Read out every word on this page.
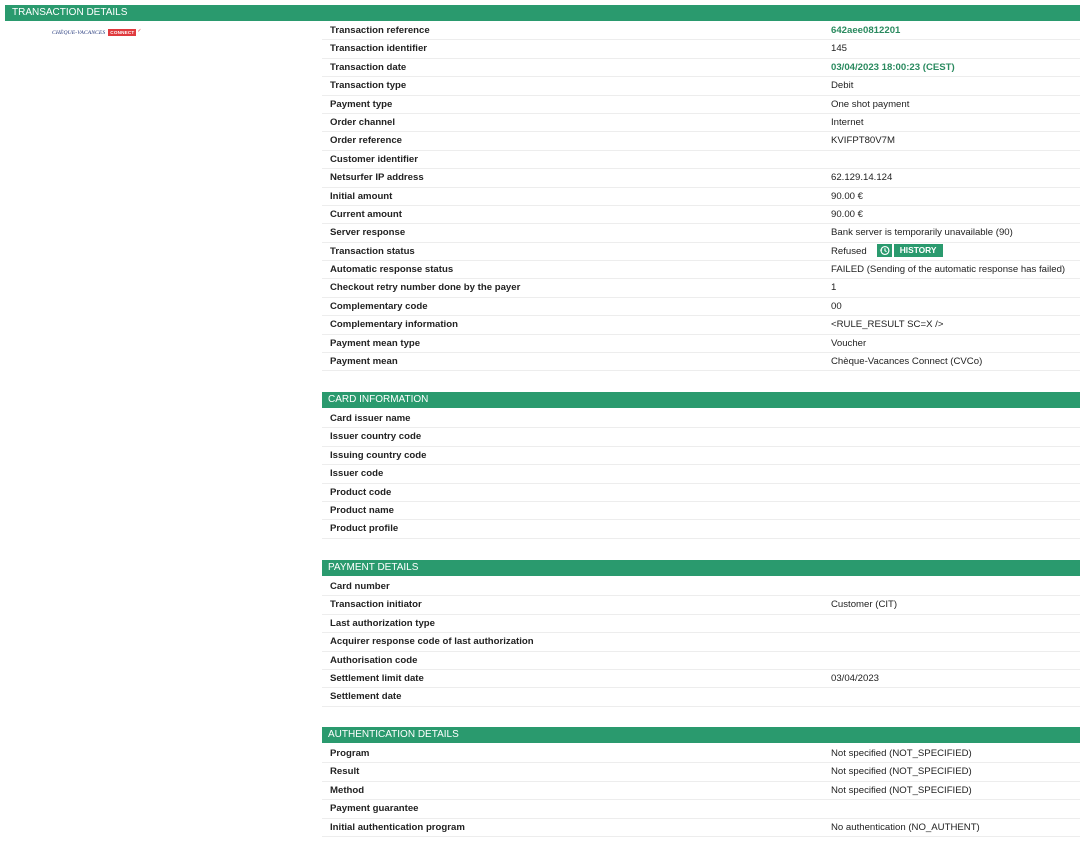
TRANSACTION DETAILS
CHÈQUE-VACANCES	CONNECT ✓	Transaction reference	642aee0812201
Transaction identifier	145
Transaction date	03/04/2023 18:00:23 (CEST)
Transaction type	Debit
Payment type	One shot payment
Order channel	Internet
Order reference	KVIFPT80V7M
Customer identifier
Netsurfer IP address	62.129.14.124
Initial amount	90.00 €
Current amount	90.00 €
Server response	Bank server is temporarily unavailable (90)
Transaction status	Refused	HISTORY
Automatic response status	FAILED (Sending of the automatic response has failed)
Checkout retry number done by the payer	1
Complementary code	00
Complementary information	<RULE_RESULT SC=X />
Payment mean type	Voucher
Payment mean	Chèque-Vacances Connect (CVCo)
CARD INFORMATION
Card issuer name
Issuer country code
Issuing country code
Issuer code
Product code
Product name
Product profile
PAYMENT DETAILS
Card number
Transaction initiator	Customer (CIT)
Last authorization type
Acquirer response code of last authorization
Authorisation code
Settlement limit date	03/04/2023
Settlement date
AUTHENTICATION DETAILS
Program	Not specified (NOT_SPECIFIED)
Result	Not specified (NOT_SPECIFIED)
Method	Not specified (NOT_SPECIFIED)
Payment guarantee
Initial authentication program	No authentication (NO_AUTHENT)
